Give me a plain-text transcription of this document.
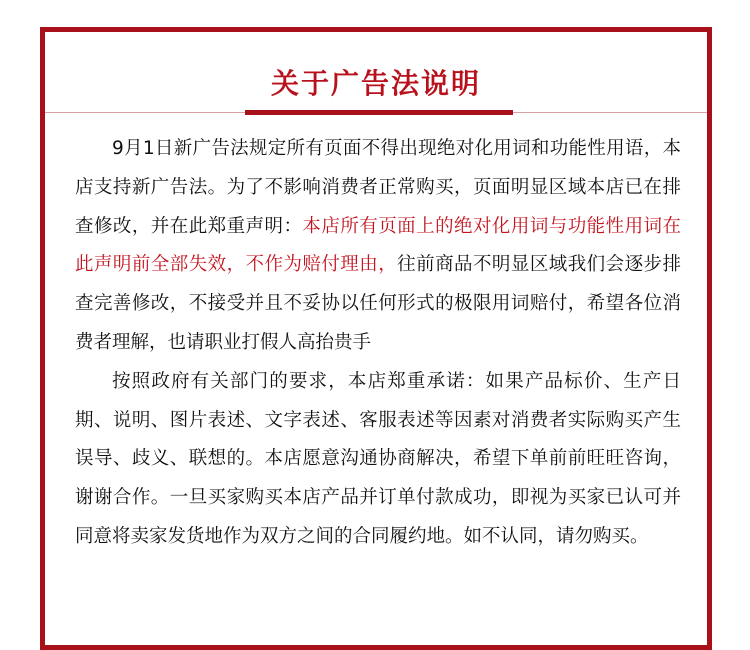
关于广告法说明

9月1日新广告法规定所有页面不得出现绝对化用词和功能性用语，本店支持新广告法。为了不影响消费者正常购买，页面明显区域本店已在排查修改，并在此郑重声明：本店所有页面上的绝对化用词与功能性用词在此声明前全部失效，不作为赔付理由，往前商品不明显区域我们会逐步排查完善修改，不接受并且不妥协以任何形式的极限用词赔付，希望各位消费者理解，也请职业打假人高抬贵手

按照政府有关部门的要求，本店郑重承诺：如果产品标价、生产日期、说明、图片表述、文字表述、客服表述等因素对消费者实际购买产生误导、歧义、联想的。本店愿意沟通协商解决，希望下单前前旺旺咨询，谢谢合作。一旦买家购买本店产品并订单付款成功，即视为买家已认可并同意将卖家发货地作为双方之间的合同履约地。如不认同，请勿购买。
